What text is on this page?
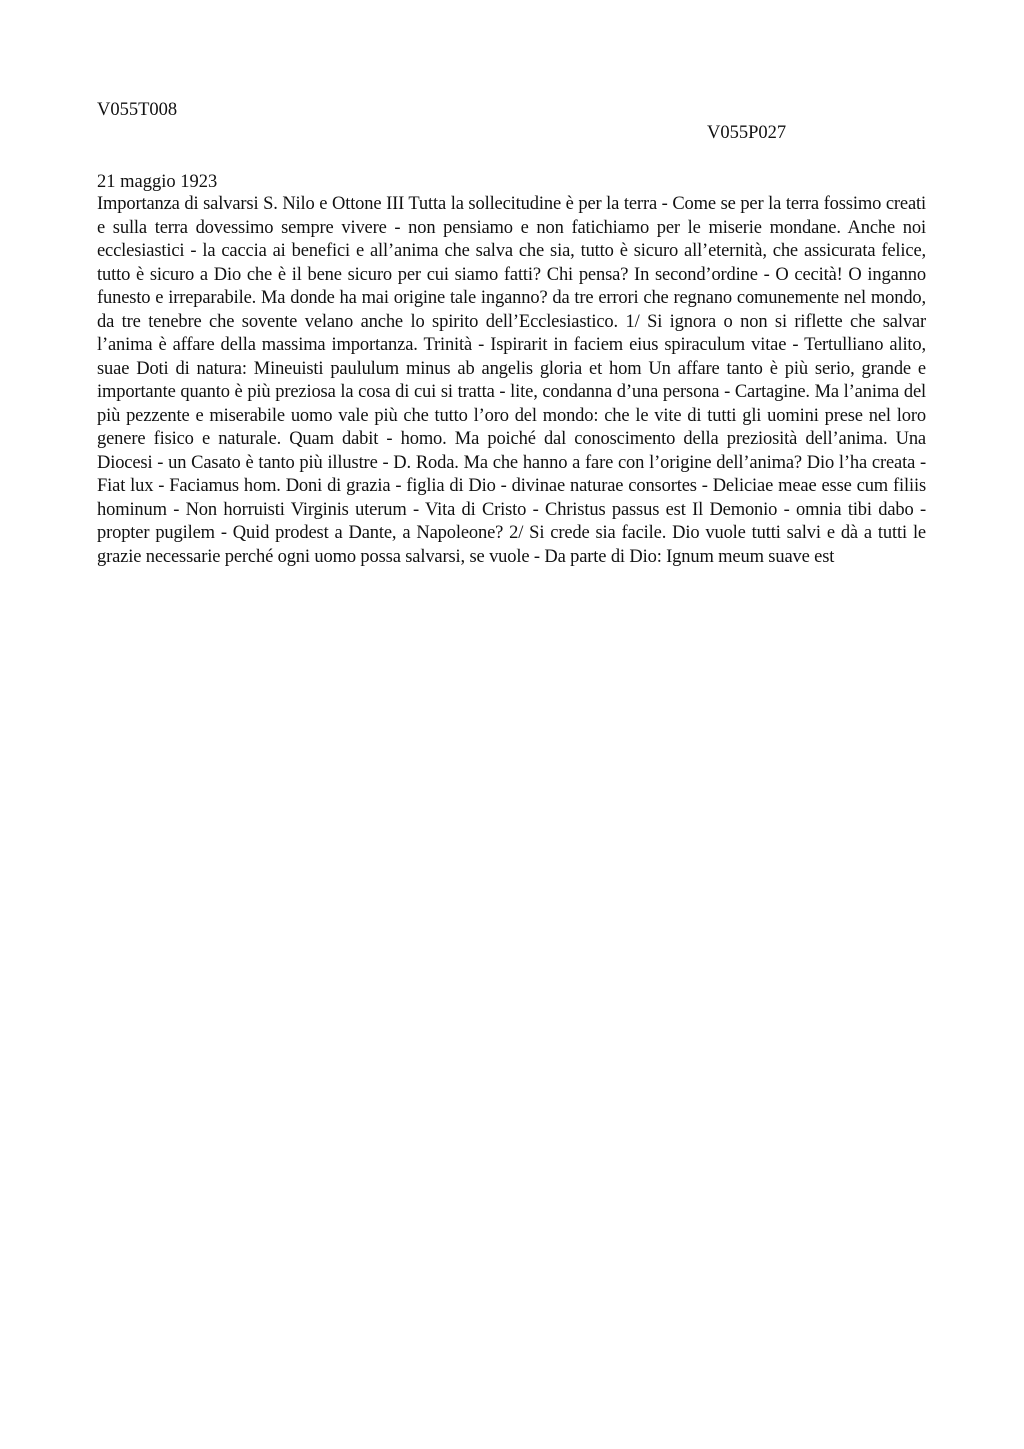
V055T008

V055P027

21 maggio 1923

Importanza di salvarsi S. Nilo e Ottone III Tutta la sollecitudine è per la terra - Come se per la terra fossimo creati e sulla terra dovessimo sempre vivere - non pensiamo e non fatichiamo per le miserie mondane. Anche noi ecclesiastici - la caccia ai benefici e all’anima che salva che sia, tutto è sicuro all’eternità, che assicurata felice, tutto è sicuro a Dio che è il bene sicuro per cui siamo fatti? Chi pensa? In second’ordine - O cecità! O inganno funesto e irreparabile. Ma donde ha mai origine tale inganno? da tre errori che regnano comunemente nel mondo, da tre tenebre che sovente velano anche lo spirito dell’Ecclesiastico. 1/ Si ignora o non si riflette che salvar l’anima è affare della massima importanza. Trinità - Ispirarit in faciem eius spiraculum vitae - Tertulliano alito, suae Doti di natura: Mineuisti paululum minus ab angelis gloria et hom Un affare tanto è più serio, grande e importante quanto è più preziosa la cosa di cui si tratta - lite, condanna d’una persona - Cartagine. Ma l’anima del più pezzente e miserabile uomo vale più che tutto l’oro del mondo: che le vite di tutti gli uomini prese nel loro genere fisico e naturale. Quam dabit - homo. Ma poiché dal conoscimento della preziosità dell’anima. Una Diocesi - un Casato è tanto più illustre - D. Roda. Ma che hanno a fare con l’origine dell’anima? Dio l’ha creata - Fiat lux - Faciamus hom. Doni di grazia - figlia di Dio - divinae naturae consortes - Deliciae meae esse cum filiis hominum - Non horruisti Virginis uterum - Vita di Cristo - Christus passus est Il Demonio - omnia tibi dabo - propter pugilem - Quid prodest a Dante, a Napoleone? 2/ Si crede sia facile. Dio vuole tutti salvi e dà a tutti le grazie necessarie perché ogni uomo possa salvarsi, se vuole - Da parte di Dio: Ignum meum suave est
